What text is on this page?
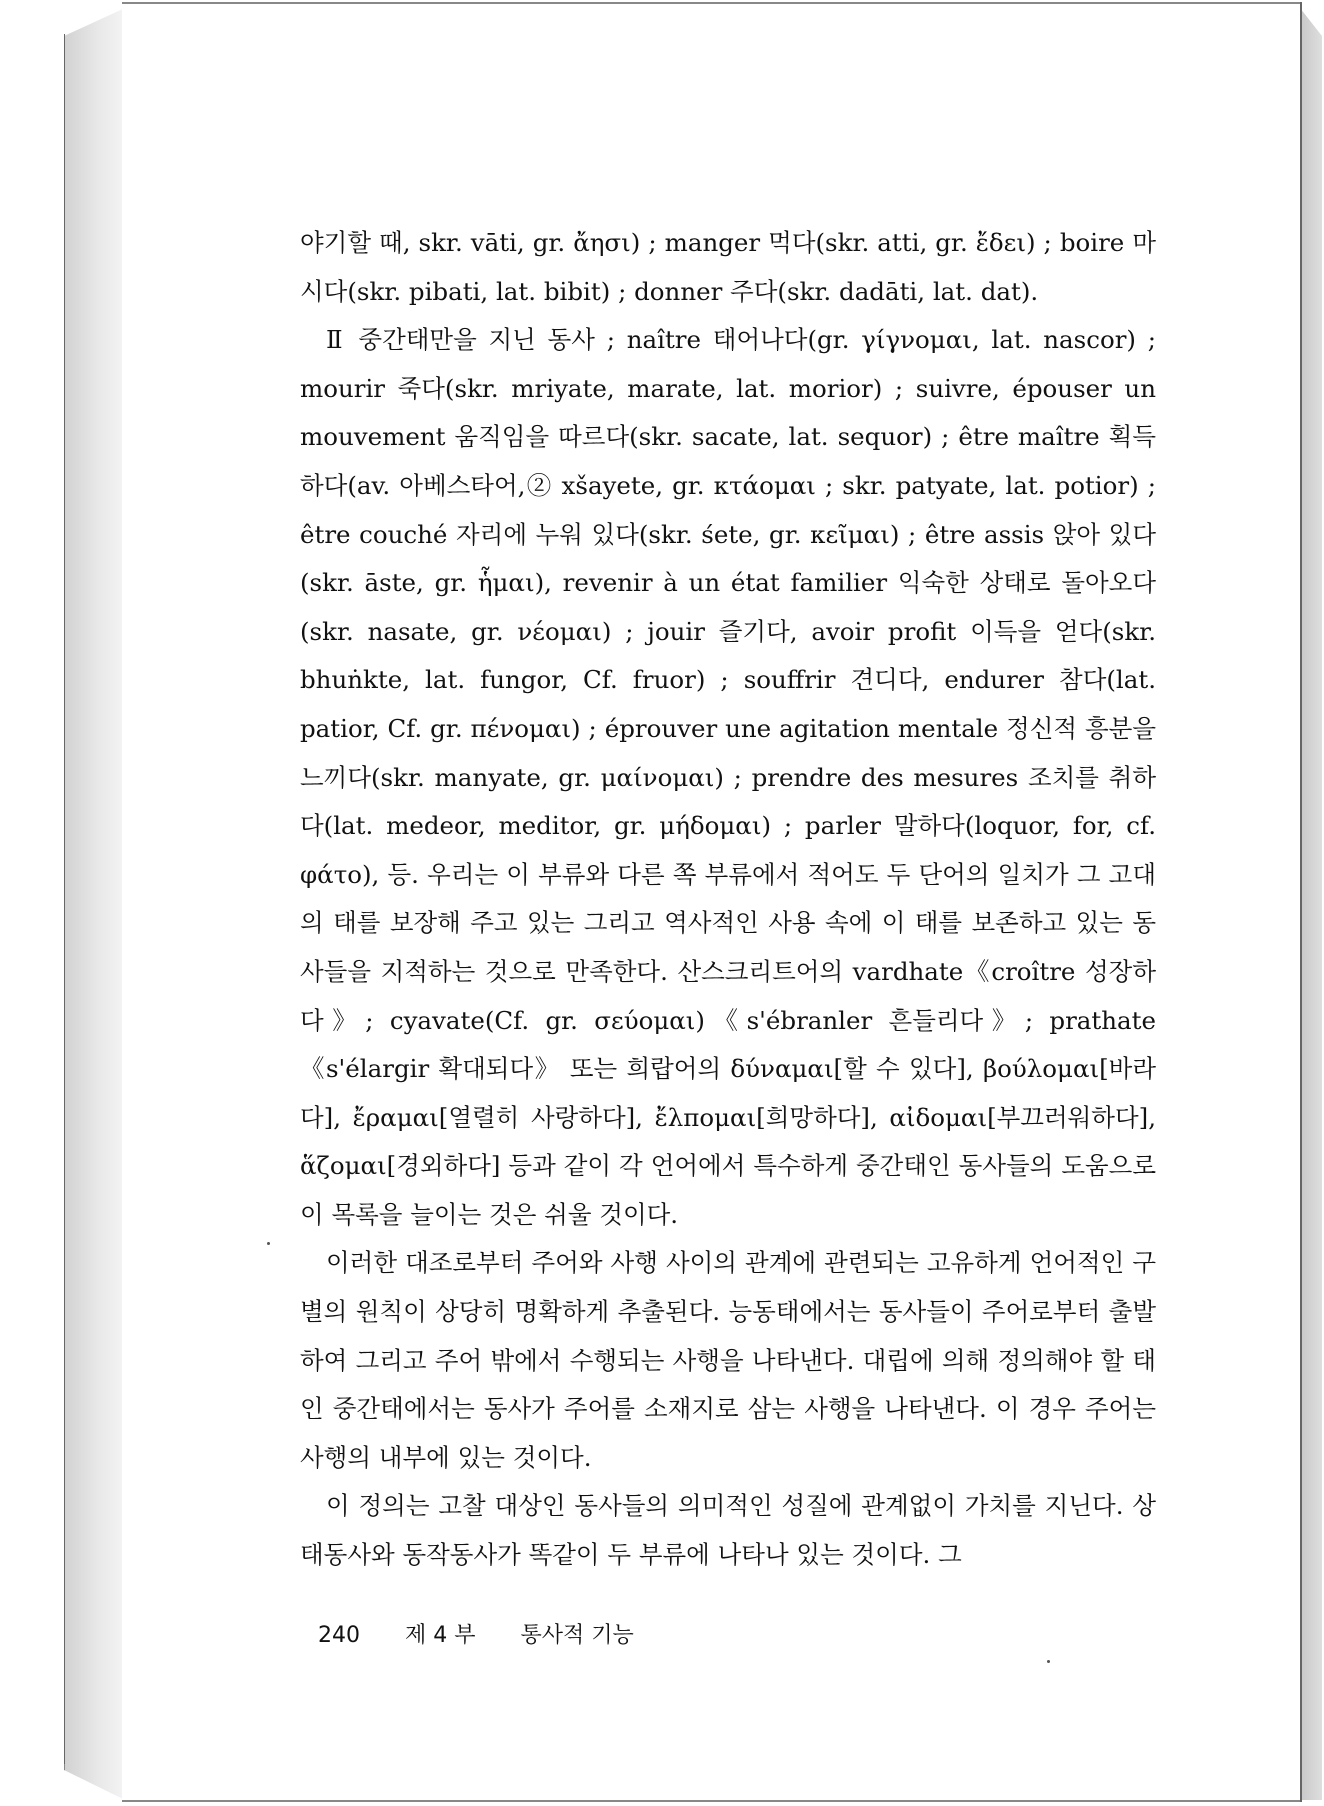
야기할 때, skr. vāti, gr. ἄησι) ; manger 먹다(skr. atti, gr. ἔδει) ; boire 마시다(skr. pibati, lat. bibit) ; donner 주다(skr. dadāti, lat. dat).

Ⅱ 중간태만을 지닌 동사 ; naître 태어나다(gr. γίγνομαι, lat. nascor) ; mourir 죽다(skr. mriyate, marate, lat. morior) ; suivre, épouser un mouvement 움직임을 따르다(skr. sacate, lat. sequor) ; être maître 획득하다(av. 아베스타어,② xšayete, gr. κτάομαι ; skr. patyate, lat. potior) ; être couché 자리에 누워 있다(skr. śete, gr. κεῖμαι) ; être assis 앉아 있다(skr. āste, gr. ἧμαι), revenir à un état familier 익숙한 상태로 돌아오다(skr. nasate, gr. νέομαι) ; jouir 즐기다, avoir profit 이득을 얻다(skr. bhuṅkte, lat. fungor, Cf. fruor) ; souffrir 견디다, endurer 참다(lat. patior, Cf. gr. πένομαι) ; éprouver une agitation mentale 정신적 흥분을 느끼다(skr. manyate, gr. μαίνομαι) ; prendre des mesures 조치를 취하다(lat. medeor, meditor, gr. μήδομαι) ; parler 말하다(loquor, for, cf. φάτο), 등. 우리는 이 부류와 다른 쪽 부류에서 적어도 두 단어의 일치가 그 고대의 태를 보장해 주고 있는 그리고 역사적인 사용 속에 이 태를 보존하고 있는 동사들을 지적하는 것으로 만족한다. 산스크리트어의 vardhate《croître 성장하다》; cyavate(Cf. gr. σεύομαι)《s'ébranler 흔들리다》; prathate《s'élargir 확대되다》 또는 희랍어의 δύναμαι[할 수 있다], βούλομαι[바라다], ἔραμαι[열렬히 사랑하다], ἔλπομαι[희망하다], αἰδομαι[부끄러워하다], ἅζομαι[경외하다] 등과 같이 각 언어에서 특수하게 중간태인 동사들의 도움으로 이 목록을 늘이는 것은 쉬울 것이다.

이러한 대조로부터 주어와 사행 사이의 관계에 관련되는 고유하게 언어적인 구별의 원칙이 상당히 명확하게 추출된다. 능동태에서는 동사들이 주어로부터 출발하여 그리고 주어 밖에서 수행되는 사행을 나타낸다. 대립에 의해 정의해야 할 태인 중간태에서는 동사가 주어를 소재지로 삼는 사행을 나타낸다. 이 경우 주어는 사행의 내부에 있는 것이다.

이 정의는 고찰 대상인 동사들의 의미적인 성질에 관계없이 가치를 지닌다. 상태동사와 동작동사가 똑같이 두 부류에 나타나 있는 것이다. 그

240 제 4 부 통사적 기능
